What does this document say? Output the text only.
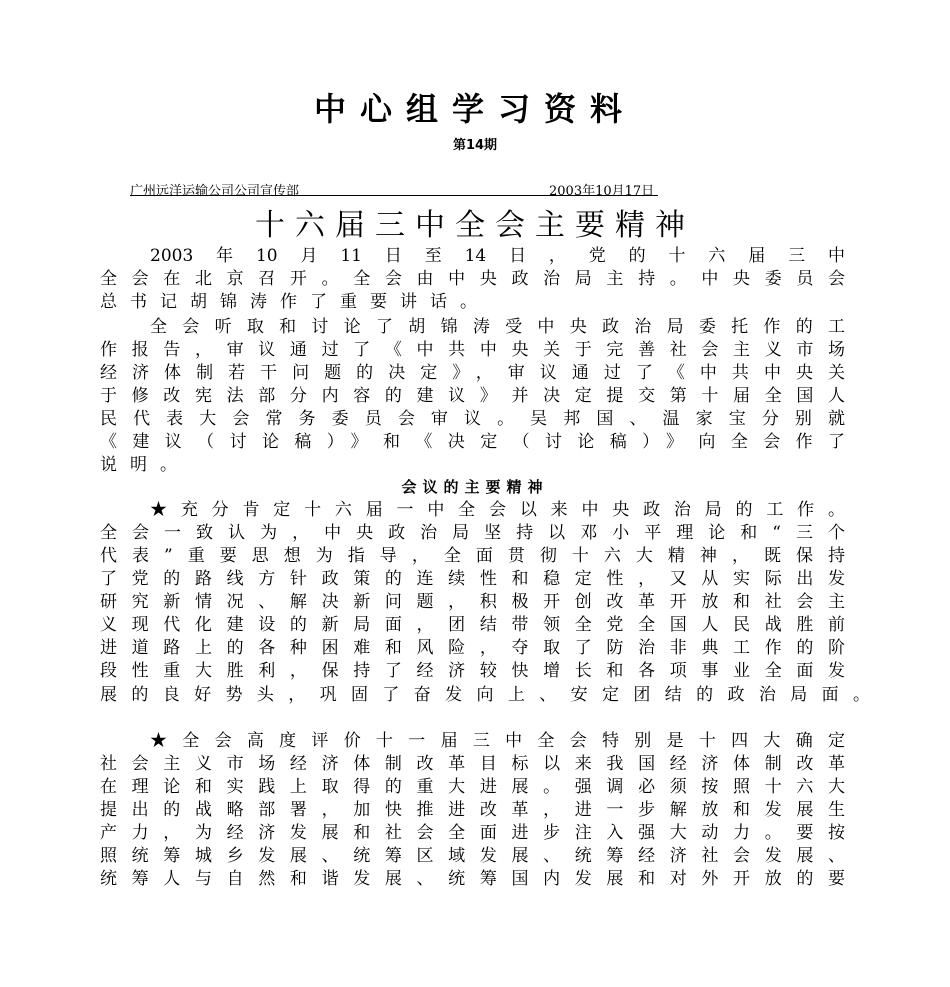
中心组学习资料
第14期
广州远洋运输公司公司宣传部	2003年10月17日
十六届三中全会主要精神
2003年10月11日至14日，党的十六届三中
全会在北京召开。全会由中央政治局主持。中央委员会
总书记胡锦涛作了重要讲话。
全会听取和讨论了胡锦涛受中央政治局委托作的工
作报告，审议通过了《中共中央关于完善社会主义市场
经济体制若干问题的决定》，审议通过了《中共中央关
于修改宪法部分内容的建议》并决定提交第十届全国人
民代表大会常务委员会审议。吴邦国、温家宝分别就
《建议（讨论稿）》和《决定（讨论稿）》向全会作了
说明。
会议的主要精神
★充分肯定十六届一中全会以来中央政治局的工作。
全会一致认为，中央政治局坚持以邓小平理论和“三个
代表”重要思想为指导，全面贯彻十六大精神，既保持
了党的路线方针政策的连续性和稳定性，又从实际出发
研究新情况、解决新问题，积极开创改革开放和社会主
义现代化建设的新局面，团结带领全党全国人民战胜前
进道路上的各种困难和风险，夺取了防治非典工作的阶
段性重大胜利，保持了经济较快增长和各项事业全面发
展的良好势头，巩固了奋发向上、安定团结的政治局面。
★全会高度评价十一届三中全会特别是十四大确定
社会主义市场经济体制改革目标以来我国经济体制改革
在理论和实践上取得的重大进展。强调必须按照十六大
提出的战略部署，加快推进改革，进一步解放和发展生
产力，为经济发展和社会全面进步注入强大动力。要按
照统筹城乡发展、统筹区域发展、统筹经济社会发展、
统筹人与自然和谐发展、统筹国内发展和对外开放的要
